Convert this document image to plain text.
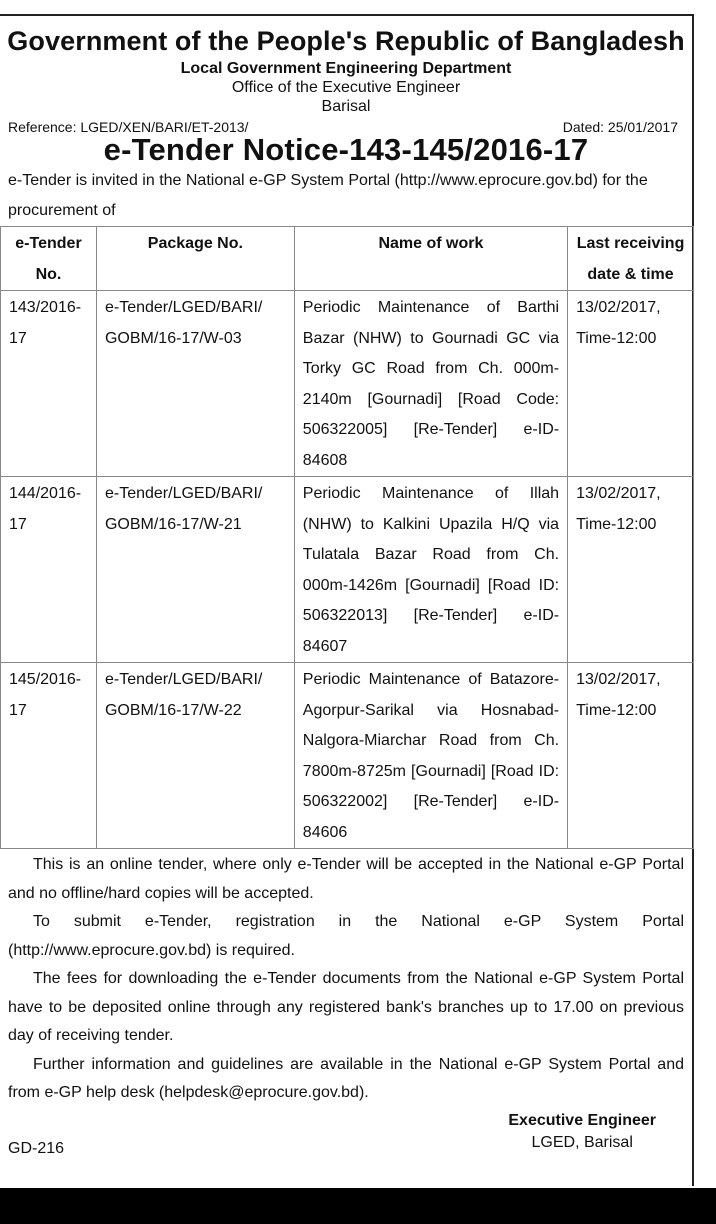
Government of the People's Republic of Bangladesh
Local Government Engineering Department
Office of the Executive Engineer
Barisal
Reference: LGED/XEN/BARI/ET-2013/	Dated: 25/01/2017
e-Tender Notice-143-145/2016-17
e-Tender is invited in the National e-GP System Portal (http://www.eprocure.gov.bd) for the procurement of
e-Tender No.	Package No.	Name of work	Last receiving date & time
143/2016-17	e-Tender/LGED/BARI/ GOBM/16-17/W-03	Periodic Maintenance of Barthi Bazar (NHW) to Gournadi GC via Torky GC Road from Ch. 000m-2140m [Gournadi] [Road Code: 506322005] [Re-Tender] e-ID-84608	13/02/2017, Time-12:00
144/2016-17	e-Tender/LGED/BARI/ GOBM/16-17/W-21	Periodic Maintenance of Illah (NHW) to Kalkini Upazila H/Q via Tulatala Bazar Road from Ch. 000m-1426m [Gournadi] [Road ID: 506322013] [Re-Tender] e-ID-84607	13/02/2017, Time-12:00
145/2016-17	e-Tender/LGED/BARI/ GOBM/16-17/W-22	Periodic Maintenance of Batazore-Agorpur-Sarikal via Hosnabad-Nalgora-Miarchar Road from Ch. 7800m-8725m [Gournadi] [Road ID: 506322002] [Re-Tender] e-ID-84606	13/02/2017, Time-12:00
This is an online tender, where only e-Tender will be accepted in the National e-GP Portal and no offline/hard copies will be accepted.
To submit e-Tender, registration in the National e-GP System Portal (http://www.eprocure.gov.bd) is required.
The fees for downloading the e-Tender documents from the National e-GP System Portal have to be deposited online through any registered bank's branches up to 17.00 on previous day of receiving tender.
Further information and guidelines are available in the National e-GP System Portal and from e-GP help desk (helpdesk@eprocure.gov.bd).
Executive Engineer
LGED, Barisal
GD-216
